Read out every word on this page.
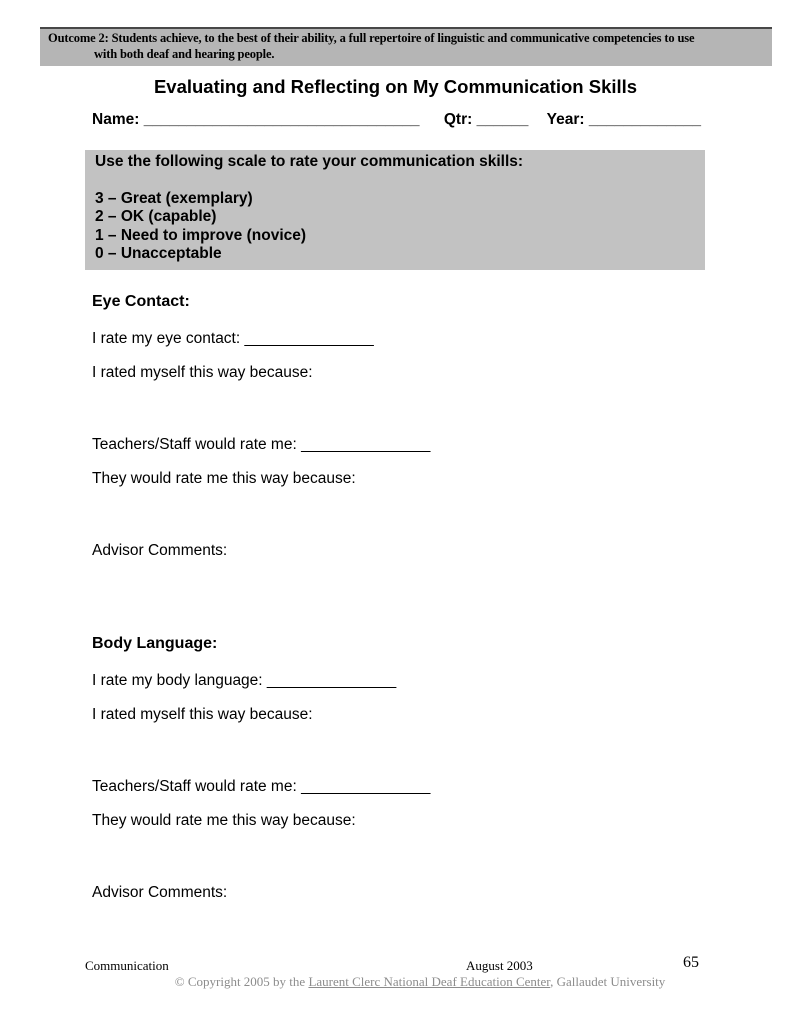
Outcome 2: Students achieve, to the best of their ability, a full repertoire of linguistic and communicative competencies to use
with both deaf and hearing people.
Evaluating and Reflecting on My Communication Skills
Name: ________________________________ Qtr: ______ Year: _____________
Use the following scale to rate your communication skills:
3 – Great (exemplary)
2 – OK (capable)
1 – Need to improve (novice)
0 – Unacceptable
Eye Contact:
I rate my eye contact: _______________
I rated myself this way because:
Teachers/Staff would rate me: _______________
They would rate me this way because:
Advisor Comments:
Body Language:
I rate my body language: _______________
I rated myself this way because:
Teachers/Staff would rate me: _______________
They would rate me this way because:
Advisor Comments:
Communication	August 2003	65
© Copyright 2005 by the Laurent Clerc National Deaf Education Center, Gallaudet University
